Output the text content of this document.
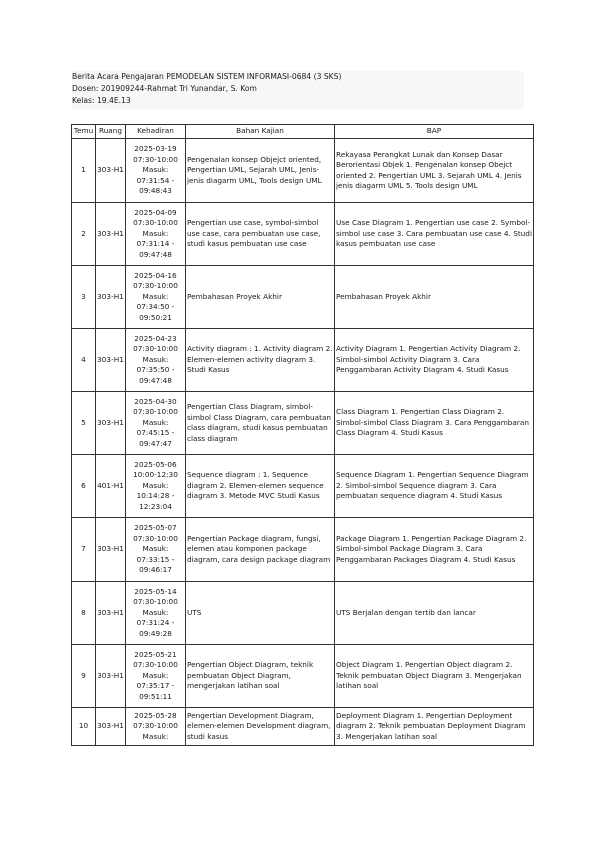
Berita Acara Pengajaran PEMODELAN SISTEM INFORMASI-0684 (3 SKS)
Dosen: 201909244-Rahmat Tri Yunandar, S. Kom
Kelas: 19.4E.13
Temu	Ruang	Kehadiran	Bahan Kajian	BAP
1	303-H1	2025-03-19
07:30-10:00
Masuk:
07:31:54 - 09:48:43	Pengenalan konsep Objejct oriented, Pengertian UML, Sejarah UML, Jenis-jenis diagarm UML, Tools design UML	Rekayasa Perangkat Lunak dan Konsep Dasar Berorientasi Objek 1. Pengenalan konsep Obejct oriented 2. Pengertian UML 3. Sejarah UML 4. Jenis jenis diagarm UML 5. Tools design UML
2	303-H1	2025-04-09
07:30-10:00
Masuk:
07:31:14 - 09:47:48	Pengertian use case, symbol-simbol use case, cara pembuatan use case, studi kasus pembuatan use case	Use Case Diagram 1. Pengertian use case 2. Symbol-simbol use case 3. Cara pembuatan use case 4. Studi kasus pembuatan use case
3	303-H1	2025-04-16
07:30-10:00
Masuk:
07:34:50 - 09:50:21	Pembahasan Proyek Akhir	Pembahasan Proyek Akhir
4	303-H1	2025-04-23
07:30-10:00
Masuk:
07:35:50 - 09:47:48	Activity diagram : 1. Activity diagram 2. Elemen-elemen activity diagram 3. Studi Kasus	Activity Diagram 1. Pengertian Activity Diagram 2. Simbol-simbol Activity Diagram 3. Cara Penggambaran Activity Diagram 4. Studi Kasus
5	303-H1	2025-04-30
07:30-10:00
Masuk:
07:45:15 - 09:47:47	Pengertian Class Diagram, simbol-simbol Class Diagram, cara pembuatan class diagram, studi kasus pembuatan class diagram	Class Diagram 1. Pengertian Class Diagram 2. Simbol-simbol Class Diagram 3. Cara Penggambaran Class Diagram 4. Studi Kasus
6	401-H1	2025-05-06
10:00-12:30
Masuk:
10:14:28 - 12:23:04	Sequence diagram : 1. Sequence diagram 2. Elemen-elemen sequence diagram 3. Metode MVC Studi Kasus	Sequence Diagram 1. Pengertian Sequence Diagram 2. Simbol-simbol Sequence diagram 3. Cara pembuatan sequence diagram 4. Studi Kasus
7	303-H1	2025-05-07
07:30-10:00
Masuk:
07:33:15 - 09:46:17	Pengertian Package diagram, fungsi, elemen atau komponen package diagram, cara design package diagram	Package Diagram 1. Pengertian Package Diagram 2. Simbol-simbol Package Diagram 3. Cara Penggambaran Packages Diagram 4. Studi Kasus
8	303-H1	2025-05-14
07:30-10:00
Masuk:
07:31:24 - 09:49:28	UTS	UTS Berjalan dengan tertib dan lancar
9	303-H1	2025-05-21
07:30-10:00
Masuk:
07:35:17 - 09:51:11	Pengertian Object Diagram, teknik pembuatan Object Diagram, mengerjakan latihan soal	Object Diagram 1. Pengertian Object diagram 2. Teknik pembuatan Object Diagram 3. Mengerjakan latihan soal
10	303-H1	2025-05-28
07:30-10:00
Masuk:	Pengertian Development Diagram, elemen-elemen Development diagram, studi kasus	Deployment Diagram 1. Pengertian Deployment diagram 2. Teknik pembuatan Deployment Diagram 3. Mengerjakan latihan soal
